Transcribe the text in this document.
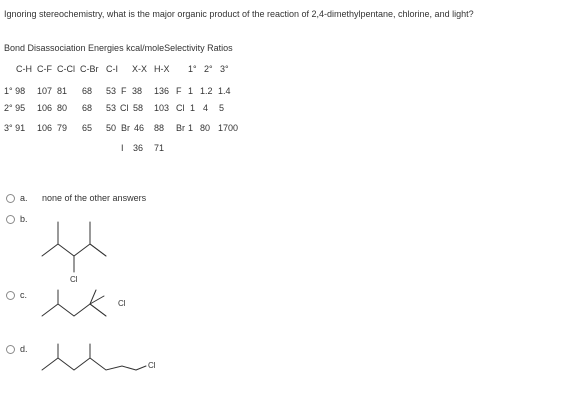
Ignoring stereochemistry, what is the major organic product of the reaction of 2,4-dimethylpentane, chlorine, and light?
Bond Disassociation Energies kcal/moleSelectivity Ratios
C-H C-F C-Cl C-Br C-I X-X H-X 1° 2° 3°
1° 98 107 81 68 53 F 38 136 F 1 1.2 1.4
2° 95 106 80 68 53 Cl 58 103 Cl 1 4 5
3° 91 106 79 65 50 Br 46 88 Br 1 80 1700
I 36 71
a.	none of the other answers
b.
c.
d.
Cl
Cl
Cl
